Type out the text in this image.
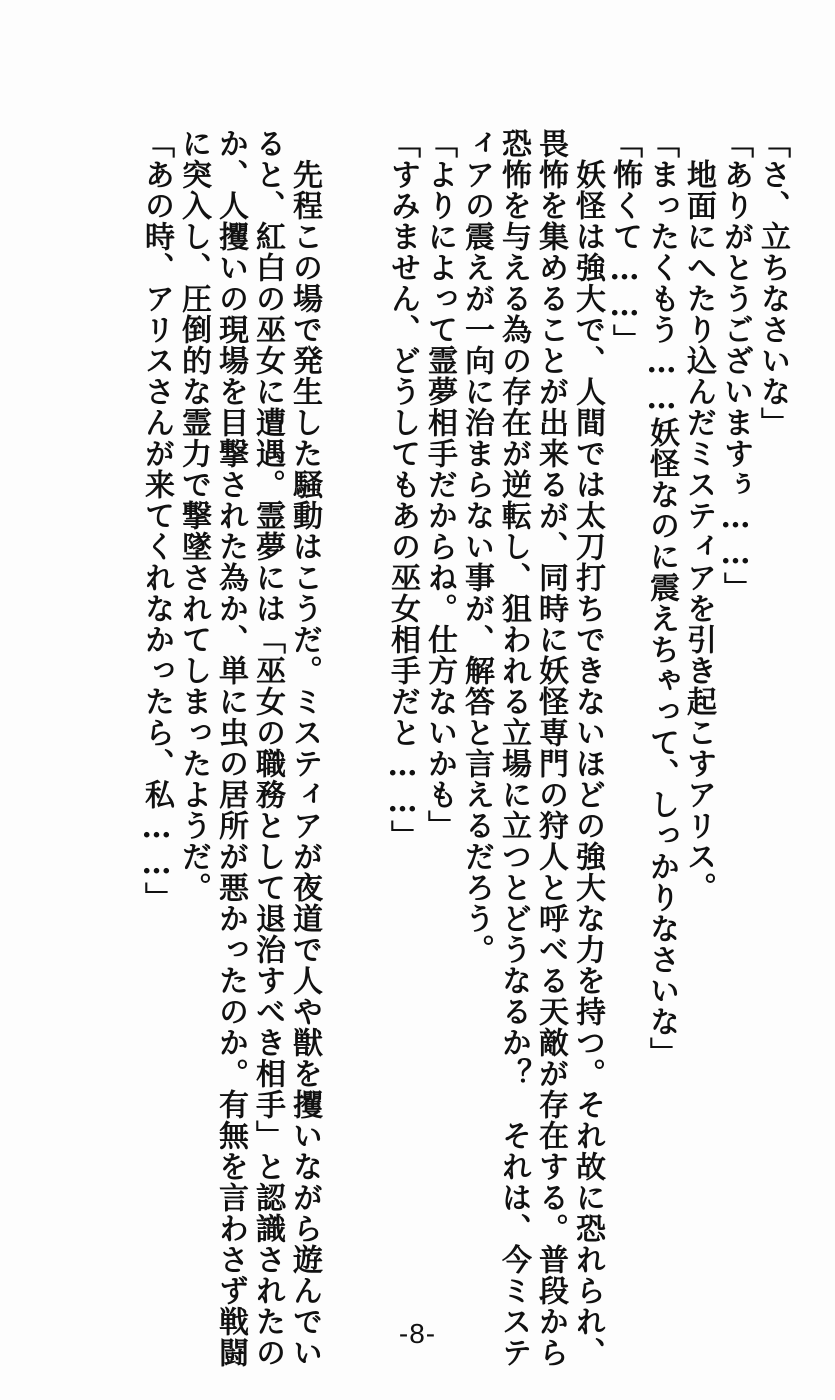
「さ、立ちなさいな」
「ありがとうございますぅ……」
　地面にへたり込んだミスティアを引き起こすアリス。
「まったくもう……妖怪なのに震えちゃって、しっかりなさいな」
「怖くて……」
　妖怪は強大で、人間では太刀打ちできないほどの強大な力を持つ。それ故に恐れられ、
畏怖を集めることが出来るが、同時に妖怪専門の狩人と呼べる天敵が存在する。普段から
恐怖を与える為の存在が逆転し、狙われる立場に立つとどうなるか？　それは、今ミステ
ィアの震えが一向に治まらない事が、解答と言えるだろう。
「よりによって霊夢相手だからね。仕方ないかも」
「すみません、どうしてもあの巫女相手だと……」
　先程この場で発生した騒動はこうだ。ミスティアが夜道で人や獣を攫いながら遊んでい
ると、紅白の巫女に遭遇。霊夢には「巫女の職務として退治すべき相手」と認識されたの
か、人攫いの現場を目撃された為か、単に虫の居所が悪かったのか。有無を言わさず戦闘
に突入し、圧倒的な霊力で撃墜されてしまったようだ。
「あの時、アリスさんが来てくれなかったら、私……」
-8-
